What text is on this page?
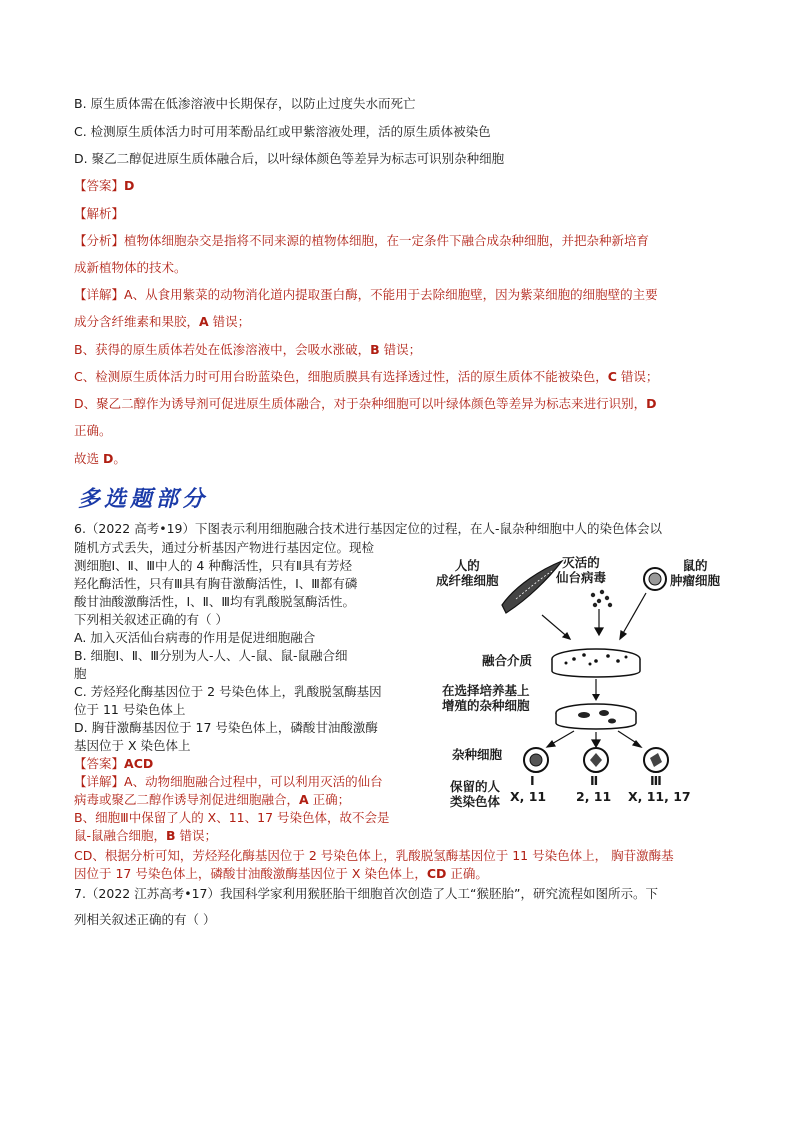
B. 原生质体需在低渗溶液中长期保存，以防止过度失水而死亡
C. 检测原生质体活力时可用苯酚品红或甲紫溶液处理，活的原生质体被染色
D. 聚乙二醇促进原生质体融合后，以叶绿体颜色等差异为标志可识别杂种细胞
【答案】D
【解析】
【分析】植物体细胞杂交是指将不同来源的植物体细胞，在一定条件下融合成杂种细胞，并把杂种新培育
成新植物体的技术。
【详解】A、从食用紫菜的动物消化道内提取蛋白酶，不能用于去除细胞壁，因为紫菜细胞的细胞壁的主要
成分含纤维素和果胶，A 错误；
B、获得的原生质体若处在低渗溶液中，会吸水涨破，B 错误；
C、检测原生质体活力时可用台盼蓝染色，细胞质膜具有选择透过性，活的原生质体不能被染色，C 错误；
D、聚乙二醇作为诱导剂可促进原生质体融合，对于杂种细胞可以叶绿体颜色等差异为标志来进行识别，D
正确。
故选 D。
多选题部分
6.（2022 高考•19）下图表示利用细胞融合技术进行基因定位的过程，在人-鼠杂种细胞中人的染色体会以
随机方式丢失，通过分析基因产物进行基因定位。现检
测细胞Ⅰ、Ⅱ、Ⅲ中人的 4 种酶活性，只有Ⅱ具有芳烃
羟化酶活性，只有Ⅲ具有胸苷激酶活性，Ⅰ、Ⅲ都有磷
酸甘油酸激酶活性，Ⅰ、Ⅱ、Ⅲ均有乳酸脱氢酶活性。
下列相关叙述正确的有（ ）
A. 加入灭活仙台病毒的作用是促进细胞融合
B. 细胞Ⅰ、Ⅱ、Ⅲ分别为人-人、人-鼠、鼠-鼠融合细
胞
C. 芳烃羟化酶基因位于 2 号染色体上，乳酸脱氢酶基因
位于 11 号染色体上
D. 胸苷激酶基因位于 17 号染色体上，磷酸甘油酸激酶
基因位于 X 染色体上
【答案】ACD
【详解】A、动物细胞融合过程中，可以利用灭活的仙台
病毒或聚乙二醇作诱导剂促进细胞融合，A 正确；
B、细胞Ⅲ中保留了人的 X、11、17 号染色体，故不会是
鼠-鼠融合细胞，B 错误；
CD、根据分析可知，芳烃羟化酶基因位于 2 号染色体上，乳酸脱氢酶基因位于 11 号染色体上， 胸苷激酶基
因位于 17 号染色体上，磷酸甘油酸激酶基因位于 X 染色体上，CD 正确。
7.（2022 江苏高考•17）我国科学家利用猴胚胎干细胞首次创造了人工“猴胚胎”，研究流程如图所示。下
列相关叙述正确的有（ ）
人的
成纤维细胞
灭活的
仙台病毒
鼠的
肿瘤细胞
融合介质
在选择培养基上
增殖的杂种细胞
杂种细胞
保留的人
类染色体
Ⅰ	Ⅱ	Ⅲ
X, 11 2, 11 X, 11, 17
